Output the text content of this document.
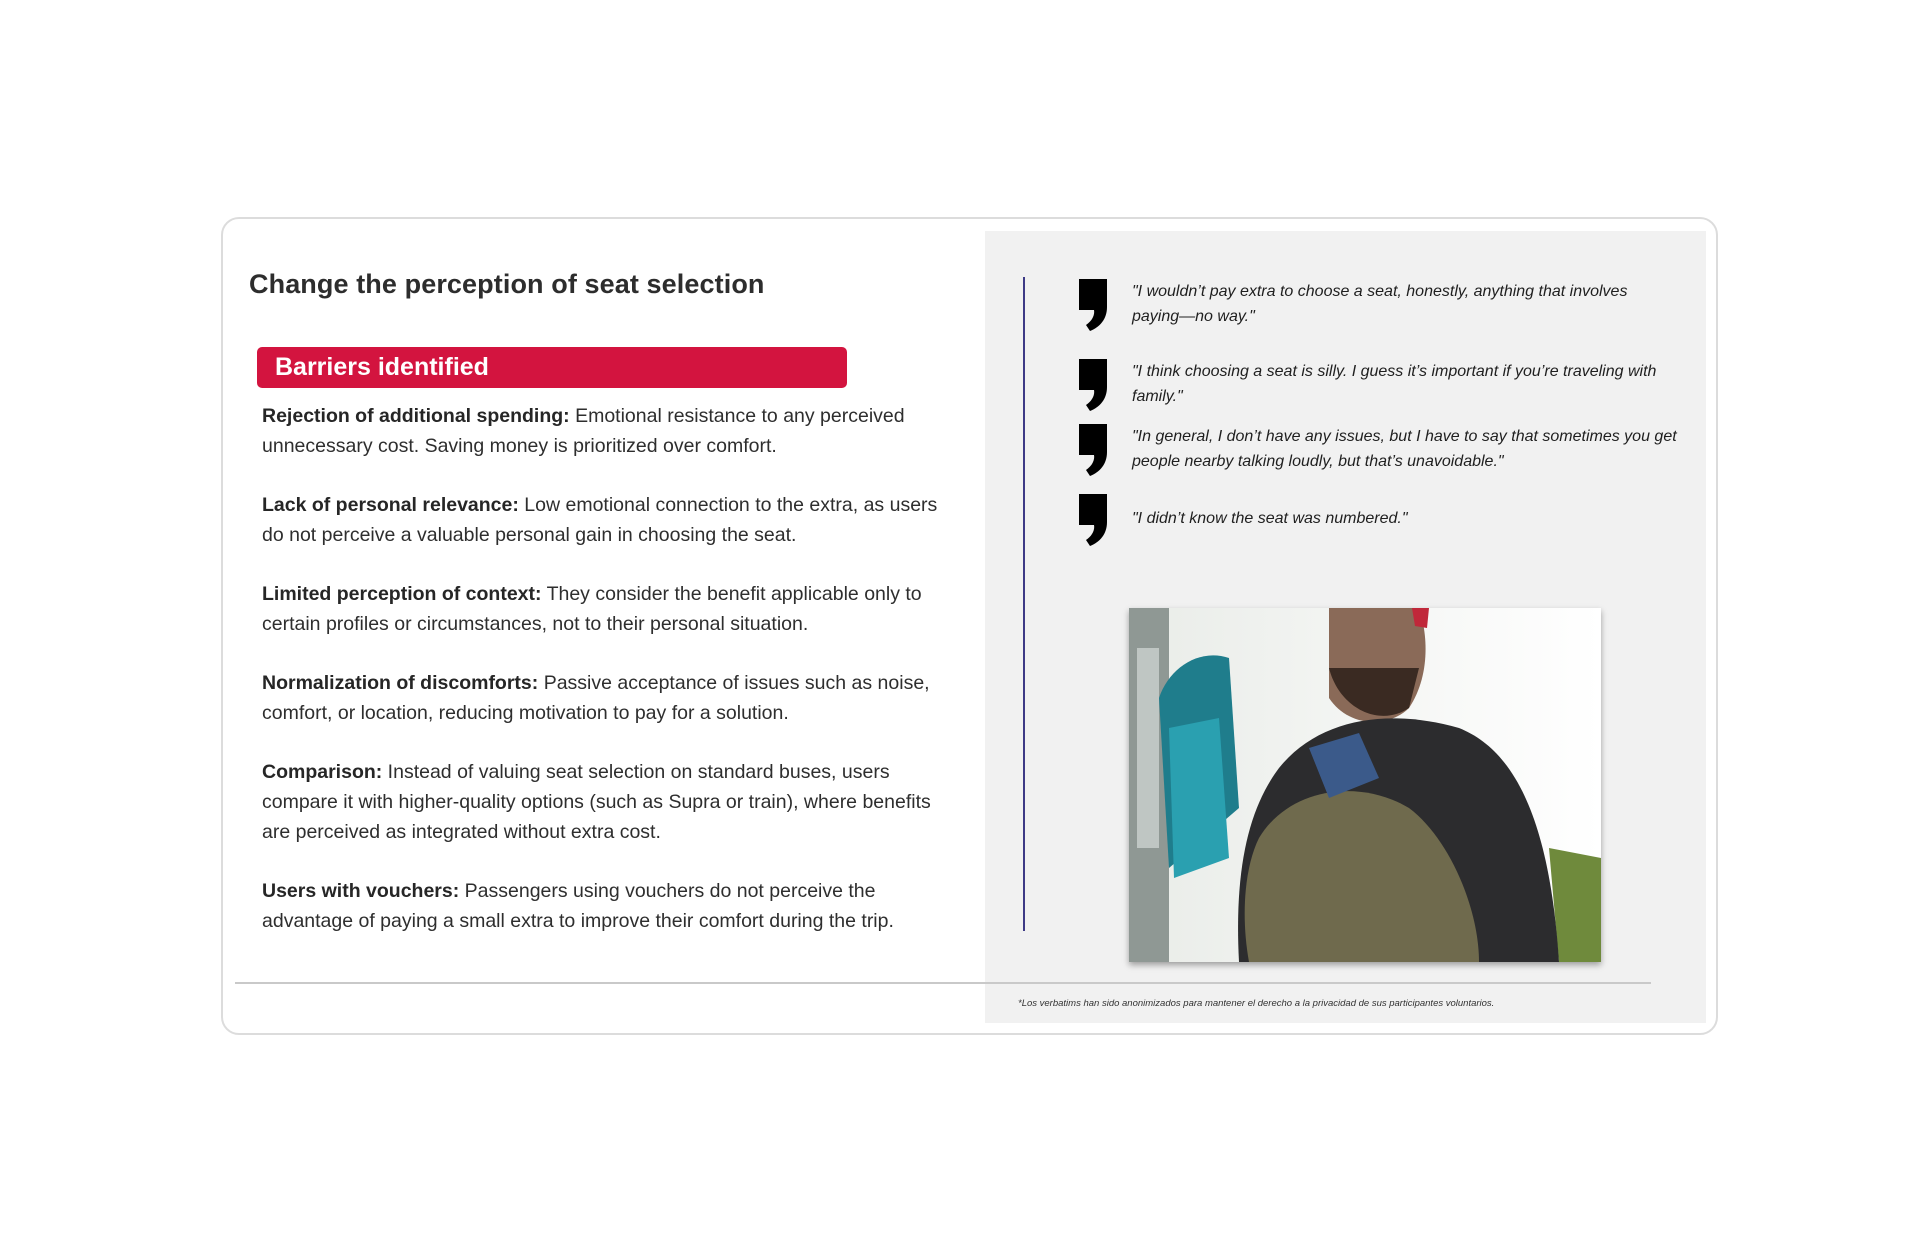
Change the perception of seat selection
Barriers identified
Rejection of additional spending: Emotional resistance to any perceived unnecessary cost. Saving money is prioritized over comfort.
Lack of personal relevance: Low emotional connection to the extra, as users do not perceive a valuable personal gain in choosing the seat.
Limited perception of context: They consider the benefit applicable only to certain profiles or circumstances, not to their personal situation.
Normalization of discomforts: Passive acceptance of issues such as noise, comfort, or location, reducing motivation to pay for a solution.
Comparison: Instead of valuing seat selection on standard buses, users compare it with higher-quality options (such as Supra or train), where benefits are perceived as integrated without extra cost.
Users with vouchers: Passengers using vouchers do not perceive the advantage of paying a small extra to improve their comfort during the trip.

"I wouldn’t pay extra to choose a seat, honestly, anything that involves paying—no way."

"I think choosing a seat is silly. I guess it’s important if you’re traveling with family."

"In general, I don’t have any issues, but I have to say that sometimes you get people nearby talking loudly, but that’s unavoidable."

"I didn’t know the seat was numbered."

*Los verbatims han sido anonimizados para mantener el derecho a la privacidad de sus participantes voluntarios.
